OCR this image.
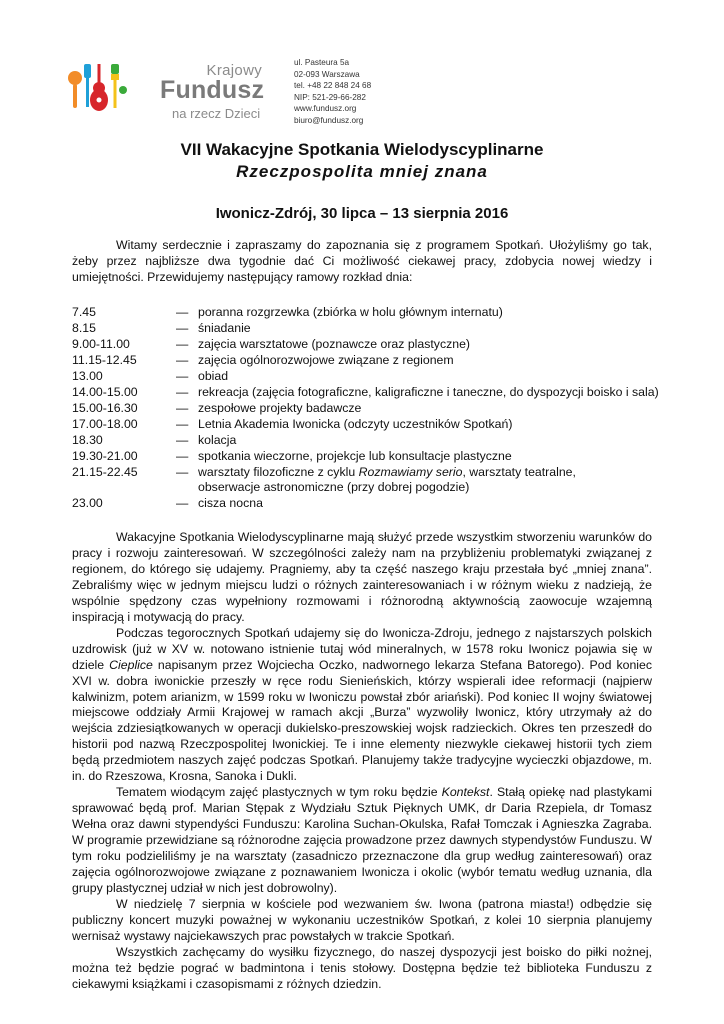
Krajowy
Fundusz
na rzecz Dzieci
ul. Pasteura 5a
02-093 Warszawa
tel. +48 22 848 24 68
NIP: 521-29-66-282
www.fundusz.org
biuro@fundusz.org
VII Wakacyjne Spotkania Wielodyscyplinarne
Rzeczpospolita mniej znana
Iwonicz-Zdrój, 30 lipca – 13 sierpnia 2016

Witamy serdecznie i zapraszamy do zapoznania się z programem Spotkań. Ułożyliśmy go tak, żeby przez najbliższe dwa tygodnie dać Ci możliwość ciekawej pracy, zdobycia nowej wiedzy i umiejętności. Przewidujemy następujący ramowy rozkład dnia:

7.45	— poranna rozgrzewka (zbiórka w holu głównym internatu)
8.15	— śniadanie
9.00-11.00	— zajęcia warsztatowe (poznawcze oraz plastyczne)
11.15-12.45	— zajęcia ogólnorozwojowe związane z regionem
13.00	— obiad
14.00-15.00	— rekreacja (zajęcia fotograficzne, kaligraficzne i taneczne, do dyspozycji boisko i sala)
15.00-16.30	— zespołowe projekty badawcze
17.00-18.00	— Letnia Akademia Iwonicka (odczyty uczestników Spotkań)
18.30	— kolacja
19.30-21.00	— spotkania wieczorne, projekcje lub konsultacje plastyczne
21.15-22.45	— warsztaty filozoficzne z cyklu Rozmawiamy serio, warsztaty teatralne,
obserwacje astronomiczne (przy dobrej pogodzie)
23.00	— cisza nocna

Wakacyjne Spotkania Wielodyscyplinarne mają służyć przede wszystkim stworzeniu warunków do pracy i rozwoju zainteresowań. W szczególności zależy nam na przybliżeniu problematyki związanej z regionem, do którego się udajemy. Pragniemy, aby ta część naszego kraju przestała być „mniej znana”. Zebraliśmy więc w jednym miejscu ludzi o różnych zainteresowaniach i w różnym wieku z nadzieją, że wspólnie spędzony czas wypełniony rozmowami i różnorodną aktywnością zaowocuje wzajemną inspiracją i motywacją do pracy.

Podczas tegorocznych Spotkań udajemy się do Iwonicza-Zdroju, jednego z najstarszych polskich uzdrowisk (już w XV w. notowano istnienie tutaj wód mineralnych, w 1578 roku Iwonicz pojawia się w dziele Cieplice napisanym przez Wojciecha Oczko, nadwornego lekarza Stefana Batorego). Pod koniec XVI w. dobra iwonickie przeszły w ręce rodu Sienieńskich, którzy wspierali idee reformacji (najpierw kalwinizm, potem arianizm, w 1599 roku w Iwoniczu powstał zbór ariański). Pod koniec II wojny światowej miejscowe oddziały Armii Krajowej w ramach akcji „Burza” wyzwoliły Iwonicz, który utrzymały aż do wejścia zdziesiątkowanych w operacji dukielsko-preszowskiej wojsk radzieckich. Okres ten przeszedł do historii pod nazwą Rzeczpospolitej Iwonickiej. Te i inne elementy niezwykle ciekawej historii tych ziem będą przedmiotem naszych zajęć podczas Spotkań. Planujemy także tradycyjne wycieczki objazdowe, m. in. do Rzeszowa, Krosna, Sanoka i Dukli.

Tematem wiodącym zajęć plastycznych w tym roku będzie Kontekst. Stałą opiekę nad plastykami sprawować będą prof. Marian Stępak z Wydziału Sztuk Pięknych UMK, dr Daria Rzepiela, dr Tomasz Wełna oraz dawni stypendyści Funduszu: Karolina Suchan-Okulska, Rafał Tomczak i Agnieszka Zagraba. W programie przewidziane są różnorodne zajęcia prowadzone przez dawnych stypendystów Funduszu. W tym roku podzieliliśmy je na warsztaty (zasadniczo przeznaczone dla grup według zainteresowań) oraz zajęcia ogólnorozwojowe związane z poznawaniem Iwonicza i okolic (wybór tematu według uznania, dla grupy plastycznej udział w nich jest dobrowolny).

W niedzielę 7 sierpnia w kościele pod wezwaniem św. Iwona (patrona miasta!) odbędzie się publiczny koncert muzyki poważnej w wykonaniu uczestników Spotkań, z kolei 10 sierpnia planujemy wernisaż wystawy najciekawszych prac powstałych w trakcie Spotkań.

Wszystkich zachęcamy do wysiłku fizycznego, do naszej dyspozycji jest boisko do piłki nożnej, można też będzie pograć w badmintona i tenis stołowy. Dostępna będzie też biblioteka Funduszu z ciekawymi książkami i czasopismami z różnych dziedzin.
